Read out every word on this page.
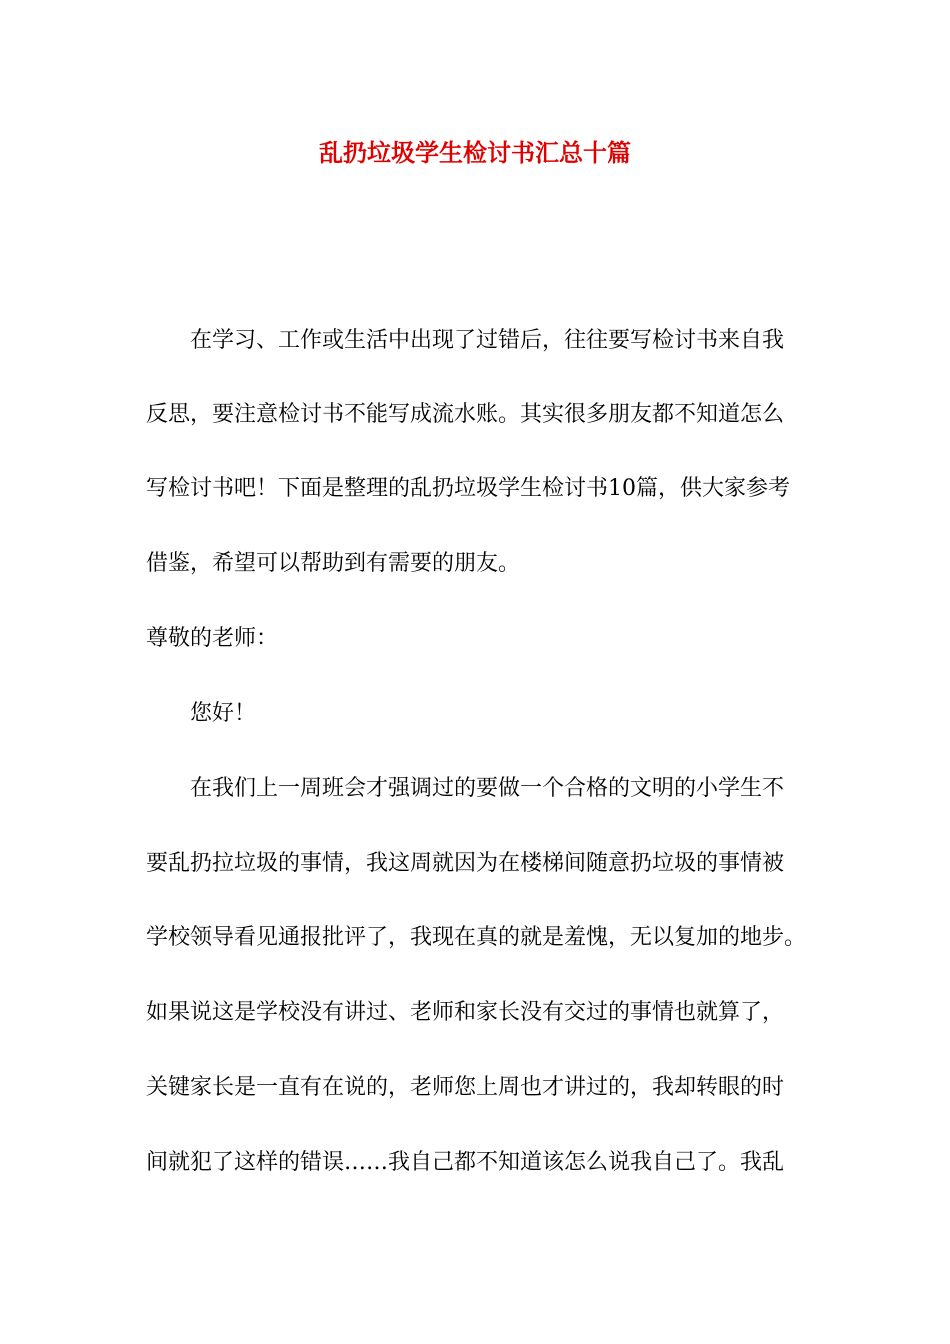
乱扔垃圾学生检讨书汇总十篇

在学习、工作或生活中出现了过错后，往往要写检讨书来自我

反思，要注意检讨书不能写成流水账。其实很多朋友都不知道怎么

写检讨书吧！下面是整理的乱扔垃圾学生检讨书10篇，供大家参考

借鉴，希望可以帮助到有需要的朋友。

尊敬的老师：

您好！

在我们上一周班会才强调过的要做一个合格的文明的小学生不

要乱扔拉垃圾的事情，我这周就因为在楼梯间随意扔垃圾的事情被

学校领导看见通报批评了，我现在真的就是羞愧，无以复加的地步。

如果说这是学校没有讲过、老师和家长没有交过的事情也就算了，

关键家长是一直有在说的，老师您上周也才讲过的，我却转眼的时

间就犯了这样的错误……我自己都不知道该怎么说我自己了。我乱
